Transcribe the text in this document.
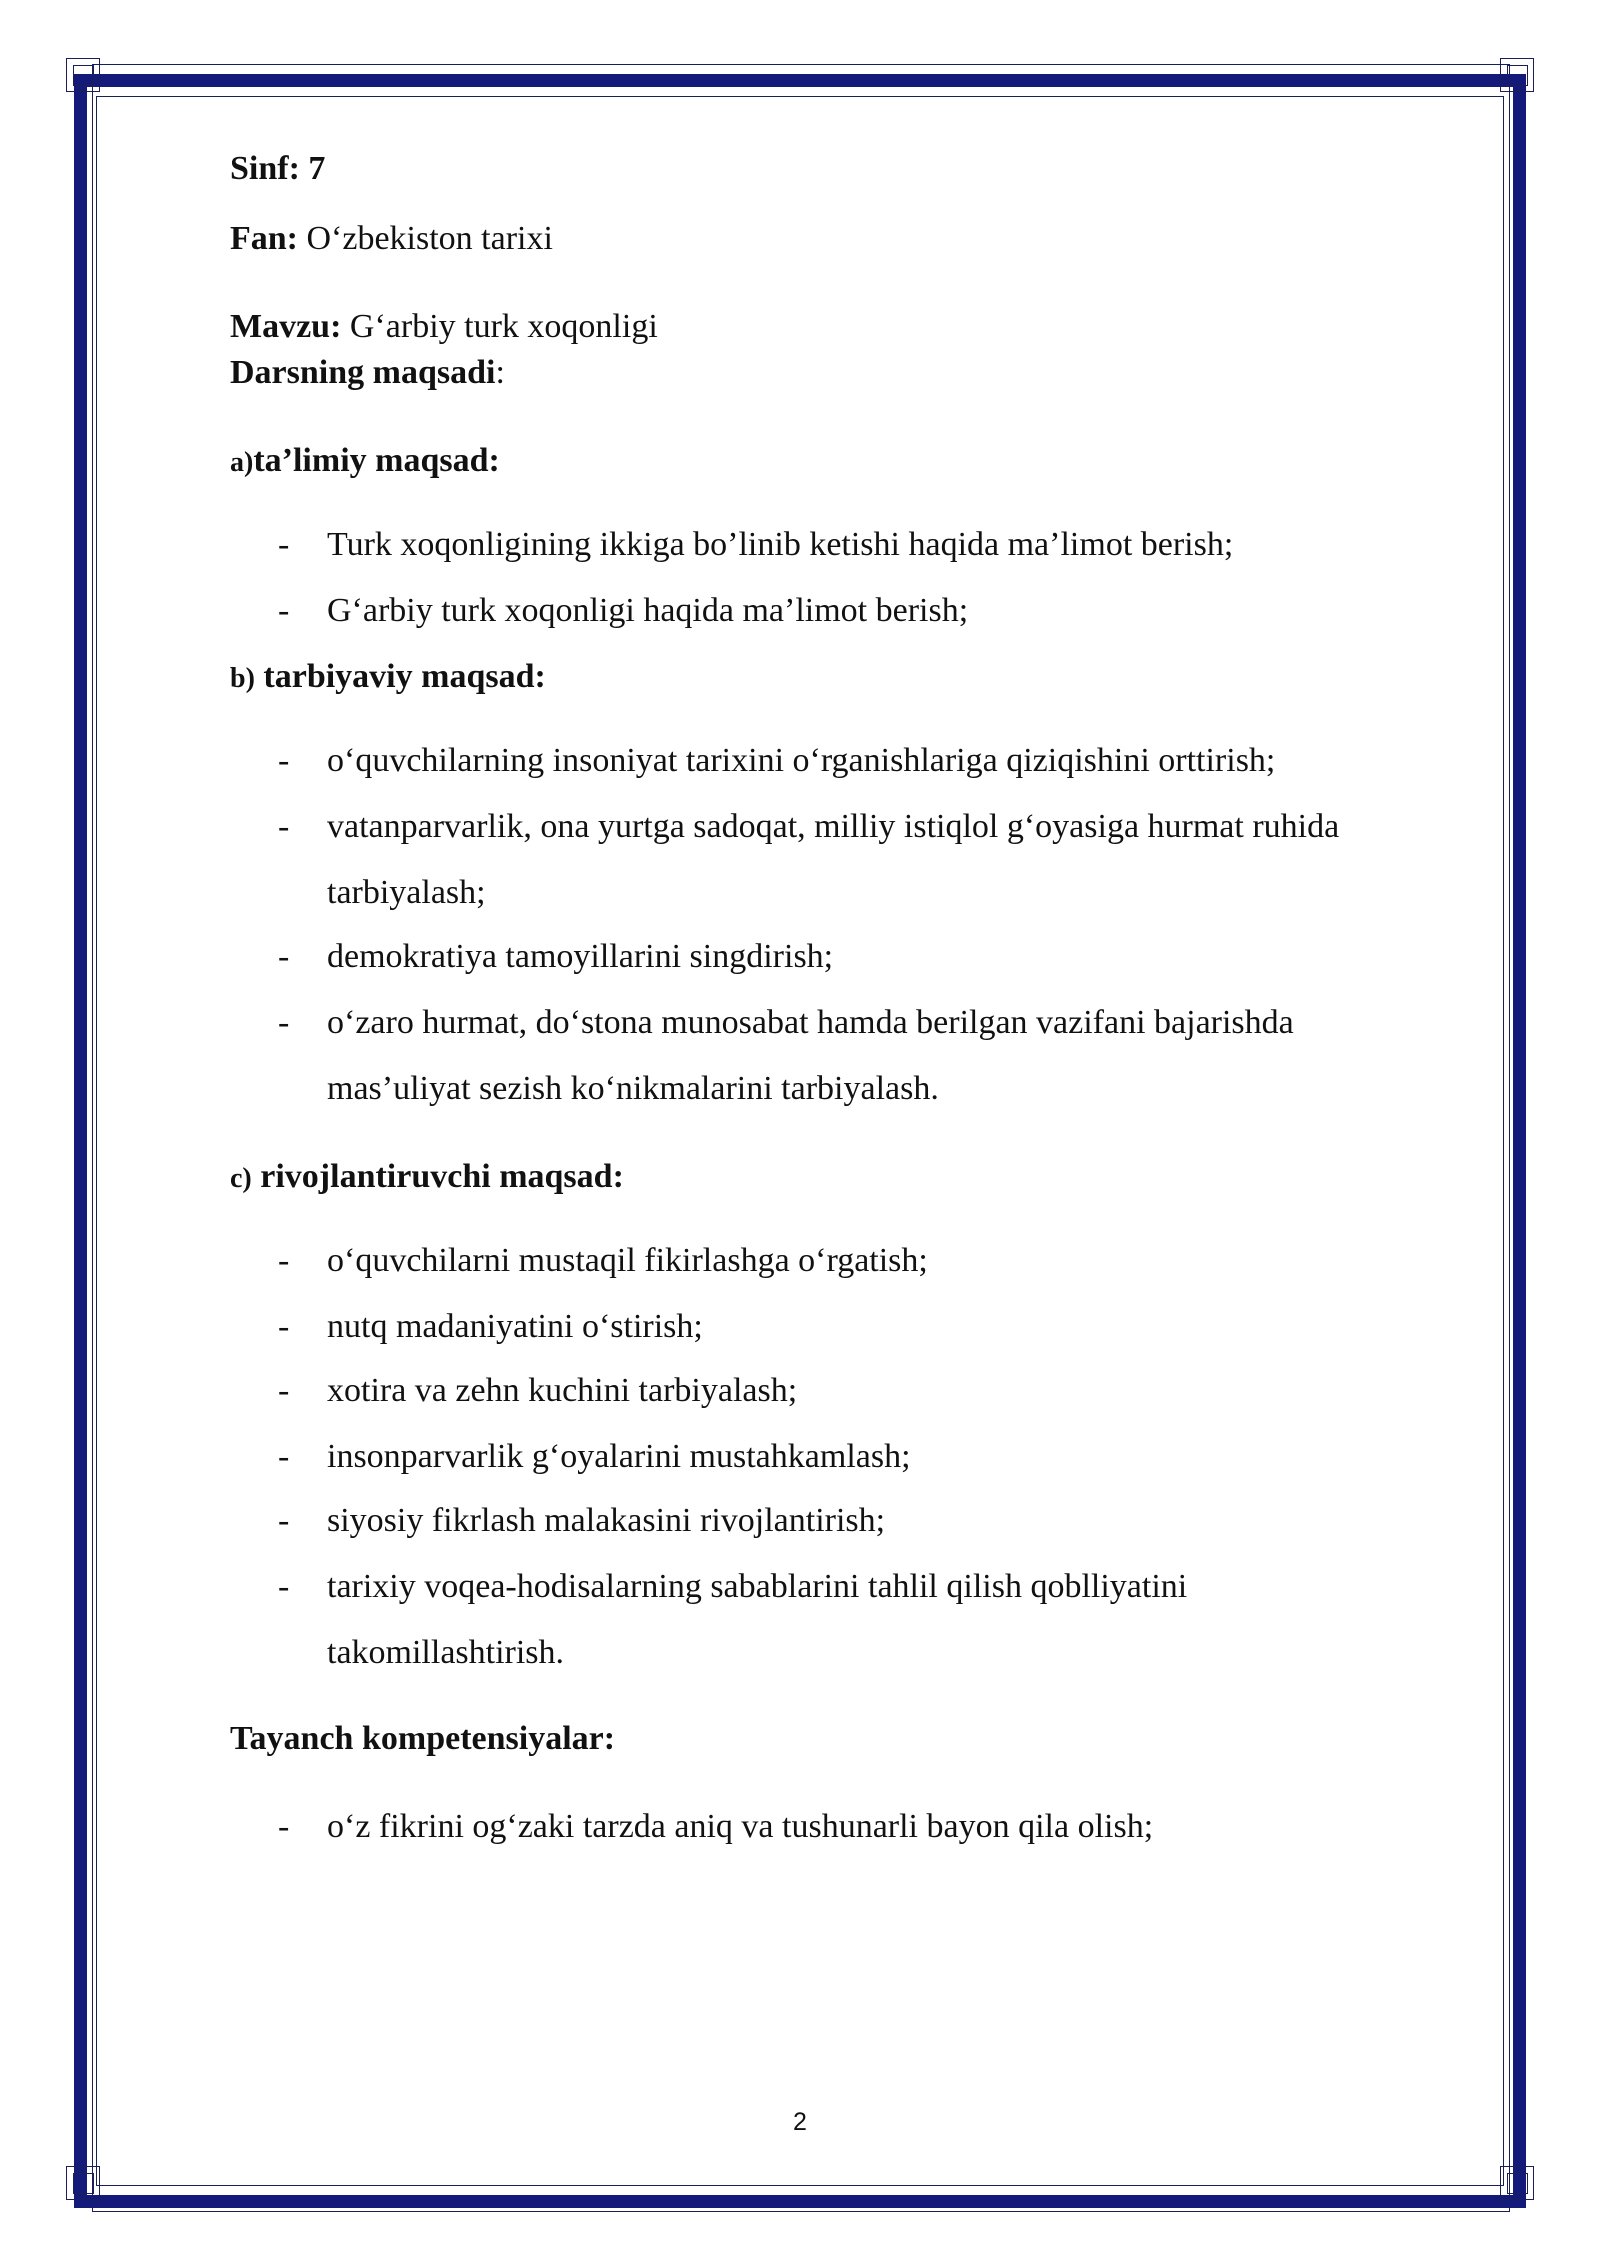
Sinf: 7
Fan: O‘zbekiston tarixi
Mavzu: G‘arbiy turk xoqonligi
Darsning maqsadi:
a)ta’limiy maqsad:
- Turk xoqonligining ikkiga bo’linib ketishi haqida ma’limot berish;
- G‘arbiy turk xoqonligi haqida ma’limot berish;
b) tarbiyaviy maqsad:
- o‘quvchilarning insoniyat tarixini o‘rganishlariga qiziqishini orttirish;
- vatanparvarlik, ona yurtga sadoqat, milliy istiqlol g‘oyasiga hurmat ruhida
tarbiyalash;
- demokratiya tamoyillarini singdirish;
- o‘zaro hurmat, do‘stona munosabat hamda berilgan vazifani bajarishda
mas’uliyat sezish ko‘nikmalarini tarbiyalash.
c) rivojlantiruvchi maqsad:
- o‘quvchilarni mustaqil fikirlashga o‘rgatish;
- nutq madaniyatini o‘stirish;
- xotira va zehn kuchini tarbiyalash;
- insonparvarlik g‘oyalarini mustahkamlash;
- siyosiy fikrlash malakasini rivojlantirish;
- tarixiy voqea-hodisalarning sabablarini tahlil qilish qoblliyatini
takomillashtirish.
Tayanch kompetensiyalar:
- o‘z fikrini og‘zaki tarzda aniq va tushunarli bayon qila olish;
2
